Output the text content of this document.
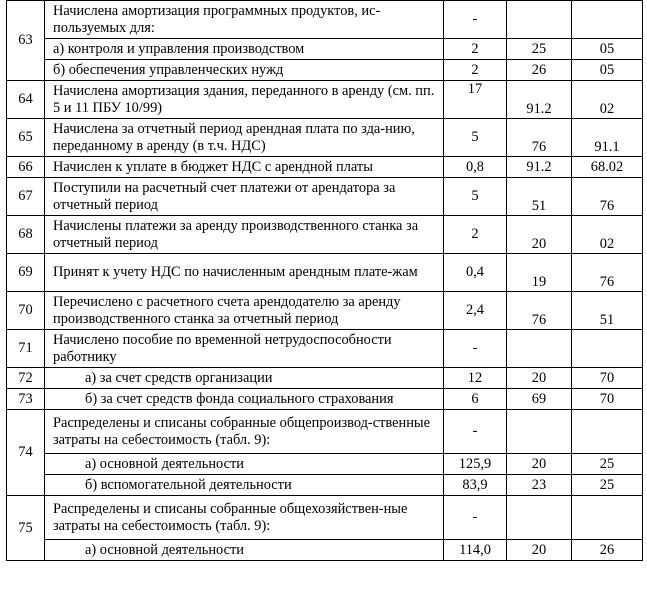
63	Начислена амортизация программных продуктов, ис-пользуемых для:	-		
	а) контроля и управления производством	2	25	05
	б) обеспечения управленческих нужд	2	26	05
64	Начислена амортизация здания, переданного в аренду (см. пп. 5 и 11 ПБУ 10/99)	17	91.2	02
65	Начислена за отчетный период арендная плата по зда-нию, переданному в аренду (в т.ч. НДС)	5	76	91.1
66	Начислен к уплате в бюджет НДС с арендной платы	0,8	91.2	68.02
67	Поступили на расчетный счет платежи от арендатора за отчетный период	5	51	76
68	Начислены платежи за аренду производственного станка за отчетный период	2	20	02
69	Принят к учету НДС по начисленным арендным плате-жам	0,4	19	76
70	Перечислено с расчетного счета арендодателю за аренду производственного станка за отчетный период	2,4	76	51
71	Начислено пособие по временной нетрудоспособности работнику	-		
72	а) за счет средств организации	12	20	70
73	б) за счет средств фонда социального страхования	6	69	70
74	Распределены и списаны собранные общепроизвод-ственные затраты на себестоимость (табл. 9):	-		
	а) основной деятельности	125,9	20	25
	б) вспомогательной деятельности	83,9	23	25
75	Распределены и списаны собранные общехозяйствен-ные затраты на себестоимость (табл. 9):	-		
	а) основной деятельности	114,0	20	26
